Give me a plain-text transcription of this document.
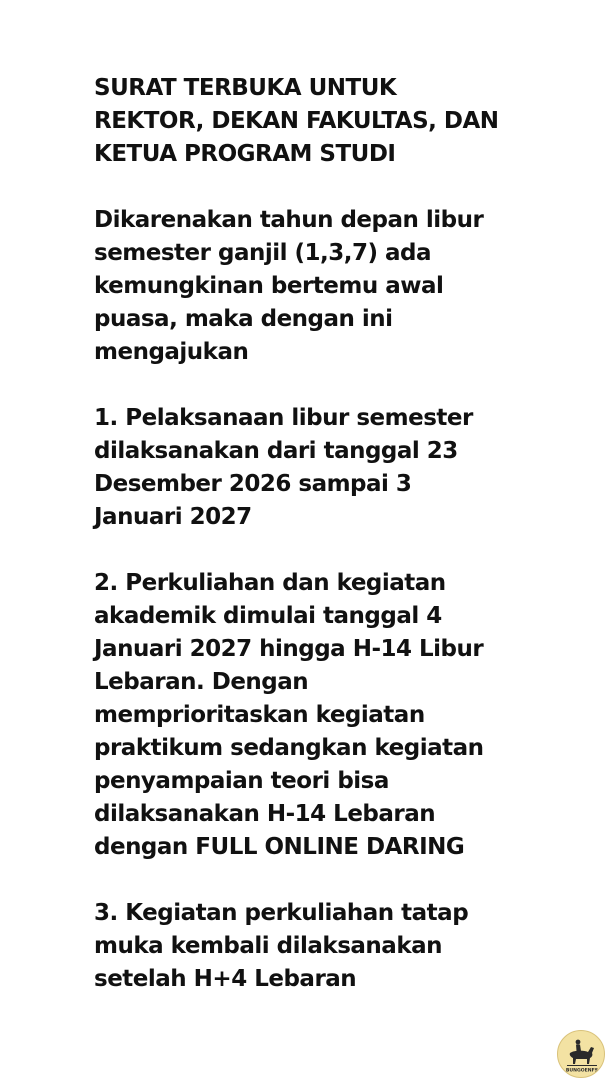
SURAT TERBUKA UNTUK
REKTOR, DEKAN FAKULTAS, DAN
KETUA PROGRAM STUDI

Dikarenakan tahun depan libur
semester ganjil (1,3,7) ada
kemungkinan bertemu awal
puasa, maka dengan ini
mengajukan

1. Pelaksanaan libur semester
dilaksanakan dari tanggal 23
Desember 2026 sampai 3
Januari 2027

2. Perkuliahan dan kegiatan
akademik dimulai tanggal 4
Januari 2027 hingga H-14 Libur
Lebaran. Dengan
memprioritaskan kegiatan
praktikum sedangkan kegiatan
penyampaian teori bisa
dilaksanakan H-14 Lebaran
dengan FULL ONLINE DARING

3. Kegiatan perkuliahan tatap
muka kembali dilaksanakan
setelah H+4 Lebaran

BUNGOENFS
